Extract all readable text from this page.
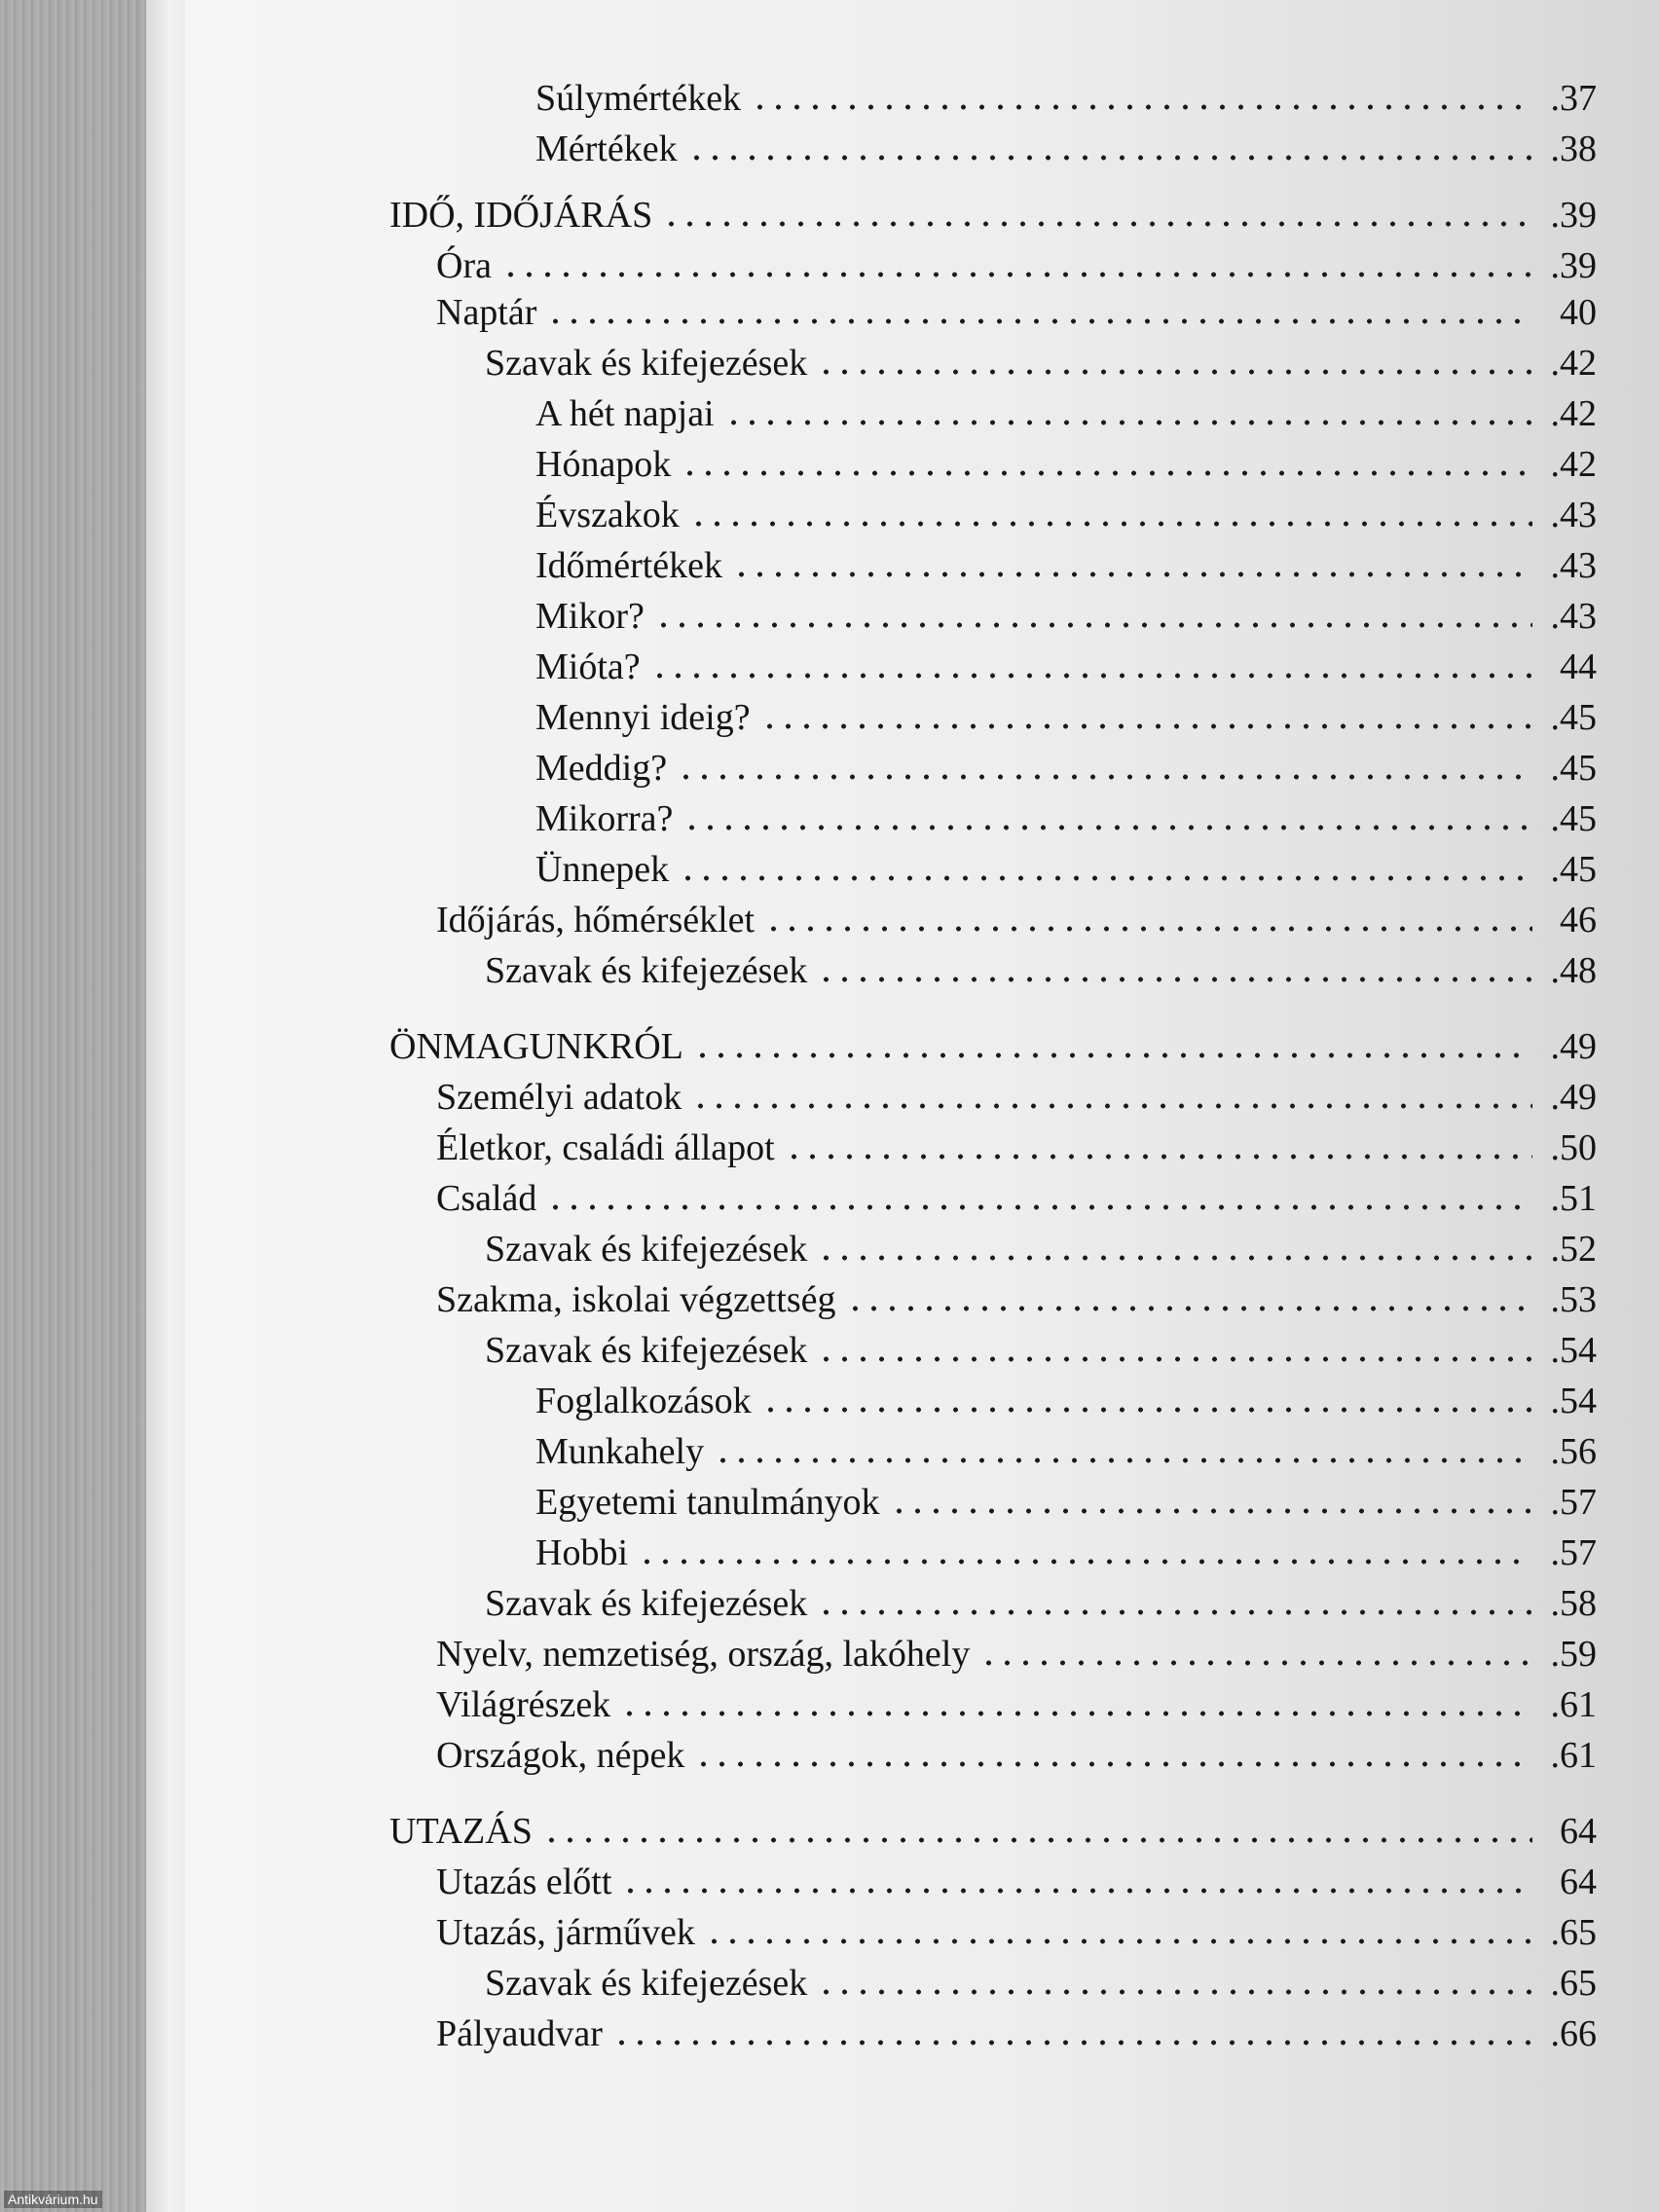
Súlymértékek	.37
Mértékek	.38
IDŐ, IDŐJÁRÁS	.39
Óra	.39
Naptár	40
Szavak és kifejezések	.42
A hét napjai	.42
Hónapok	.42
Évszakok	.43
Időmértékek	.43
Mikor?	.43
Mióta?	44
Mennyi ideig?	.45
Meddig?	.45
Mikorra?	.45
Ünnepek	.45
Időjárás, hőmérséklet	46
Szavak és kifejezések	.48
ÖNMAGUNKRÓL	.49
Személyi adatok	.49
Életkor, családi állapot	.50
Család	.51
Szavak és kifejezések	.52
Szakma, iskolai végzettség	.53
Szavak és kifejezések	.54
Foglalkozások	.54
Munkahely	.56
Egyetemi tanulmányok	.57
Hobbi	.57
Szavak és kifejezések	.58
Nyelv, nemzetiség, ország, lakóhely	.59
Világrészek	.61
Országok, népek	.61
UTAZÁS	64
Utazás előtt	64
Utazás, járművek	.65
Szavak és kifejezések	.65
Pályaudvar	.66
Antikvárium.hu
